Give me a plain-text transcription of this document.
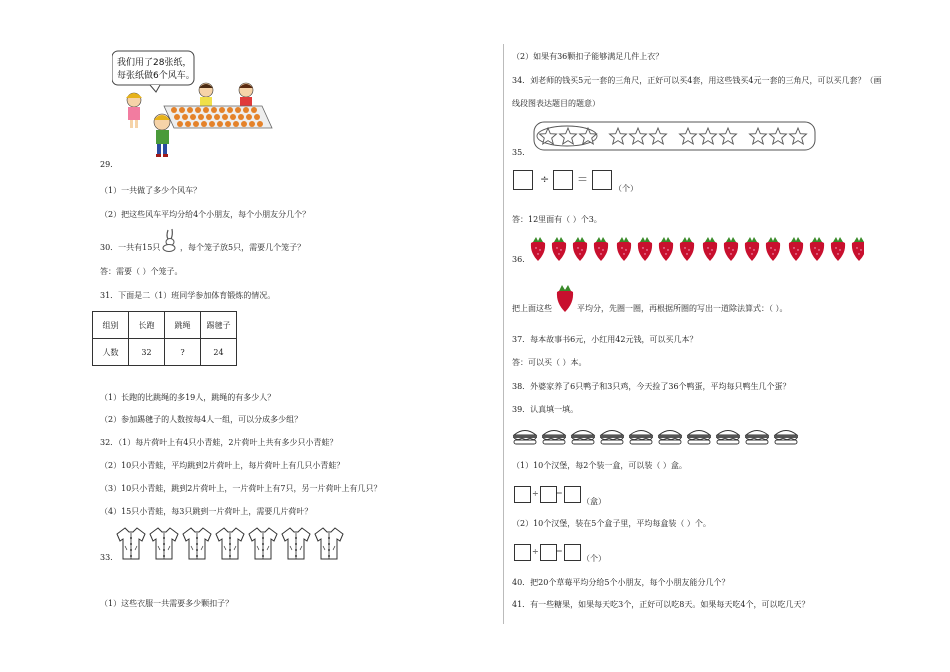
我们用了28张纸，
每张纸做6个风车。
29.
（1）一共做了多少个风车？
（2）把这些风车平均分给4个小朋友，每个小朋友分几个？
30．一共有15只 ，每个笼子放5只，需要几个笼子？
答：需要（ ）个笼子。
31．下面是二（1）班同学参加体育锻炼的情况。
组别	长跑	跳绳	踢毽子
人数	32	?	24
（1）长跑的比跳绳的多19人，跳绳的有多少人？
（2）参加踢毽子的人数按每4人一组，可以分成多少组？
32．（1）每片荷叶上有4只小青蛙，2片荷叶上共有多少只小青蛙？
（2）10只小青蛙，平均跳到2片荷叶上，每片荷叶上有几只小青蛙？
（3）10只小青蛙，跳到2片荷叶上，一片荷叶上有7只，另一片荷叶上有几只？
（4）15只小青蛙，每3只跳到一片荷叶上，需要几片荷叶？
33.
（1）这些衣服一共需要多少颗扣子？
（2）如果有36颗扣子能够满足几件上衣？
34．刘老师的钱买5元一套的三角尺，正好可以买4套，用这些钱买4元一套的三角尺，可以买几套？（画
线段图表达题目的题意）
35.
÷	＝
（个）
答：12里面有（ ）个3。
36.
把上面这些	平均分，先圈一圈，再根据所圈的写出一道除法算式：（ ）。
37．每本故事书6元，小红用42元钱，可以买几本？
答：可以买（ ）本。
38．外婆家养了6只鸭子和3只鸡，今天捡了36个鸭蛋，平均每只鸭生几个蛋？
39．认真填一填。
（1）10个汉堡，每2个装一盒，可以装（ ）盒。
÷ ＝
（盒）
（2）10个汉堡，装在5个盒子里，平均每盒装（ ）个。
÷ ＝
（个）
40．把20个草莓平均分给5个小朋友，每个小朋友能分几个？
41．有一些糖果，如果每天吃3个，正好可以吃8天。如果每天吃4个，可以吃几天？
